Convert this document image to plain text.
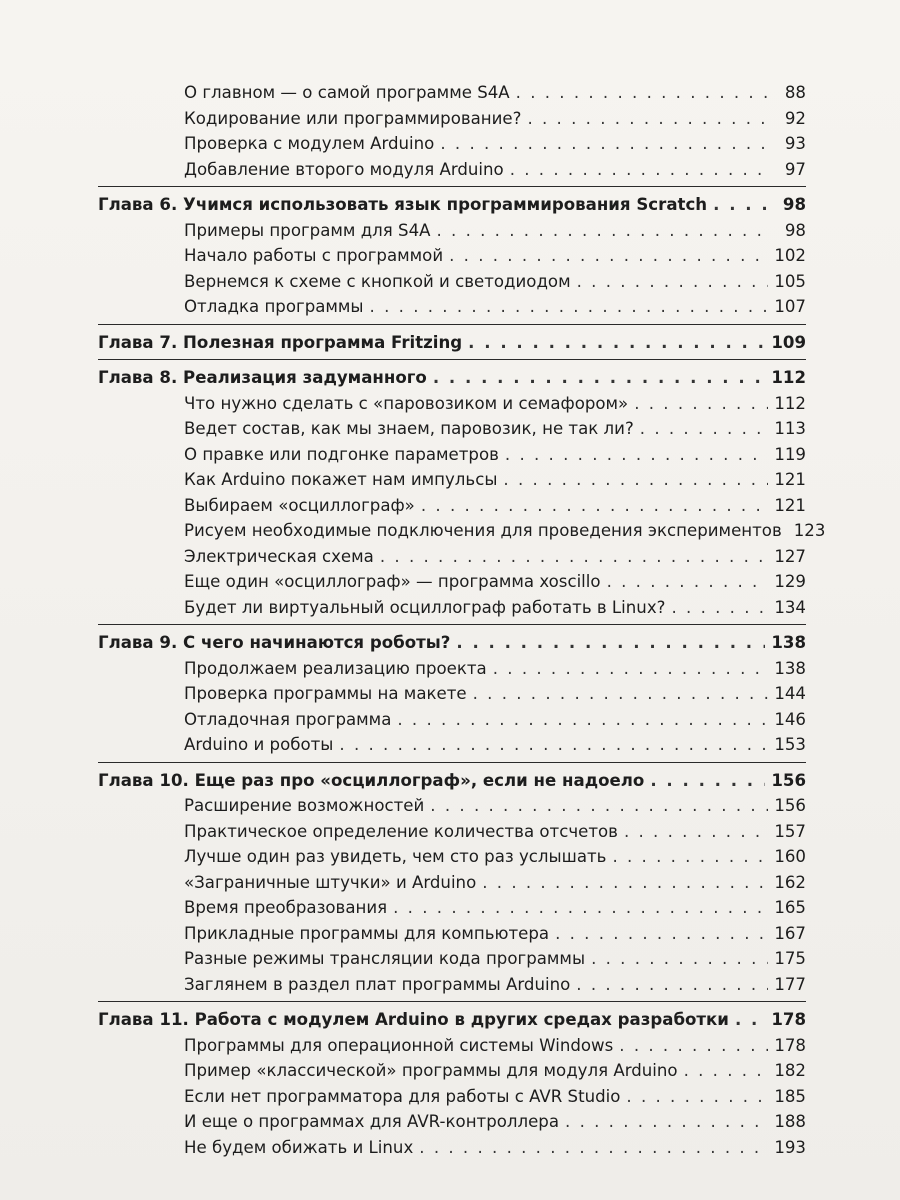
О главном — о самой программе S4A . . .	88
Кодирование или программирование? . . .	92
Проверка с модулем Arduino . . .	93
Добавление второго модуля Arduino . . .	97
Глава 6. Учимся использовать язык программирования Scratch . . .	98
Примеры программ для S4A . . .	98
Начало работы с программой . . .	102
Вернемся к схеме с кнопкой и светодиодом . . .	105
Отладка программы . . .	107
Глава 7. Полезная программа Fritzing . . .	109
Глава 8. Реализация задуманного . . .	112
Что нужно сделать с «паровозиком и семафором» . . .	112
Ведет состав, как мы знаем, паровозик, не так ли? . . .	113
О правке или подгонке параметров . . .	119
Как Arduino покажет нам импульсы . . .	121
Выбираем «осциллограф» . . .	121
Рисуем необходимые подключения для проведения экспериментов 123
Электрическая схема . . .	127
Еще один «осциллограф» — программа xoscillo . . .	129
Будет ли виртуальный осциллограф работать в Linux? . . .	134
Глава 9. С чего начинаются роботы? . . .	138
Продолжаем реализацию проекта . . .	138
Проверка программы на макете . . .	144
Отладочная программа . . .	146
Arduino и роботы . . .	153
Глава 10. Еще раз про «осциллограф», если не надоело . . .	156
Расширение возможностей . . .	156
Практическое определение количества отсчетов . . .	157
Лучше один раз увидеть, чем сто раз услышать . . .	160
«Заграничные штучки» и Arduino . . .	162
Время преобразования . . .	165
Прикладные программы для компьютера . . .	167
Разные режимы трансляции кода программы . . .	175
Заглянем в раздел плат программы Arduino . . .	177
Глава 11. Работа с модулем Arduino в других средах разработки . . .	178
Программы для операционной системы Windows . . .	178
Пример «классической» программы для модуля Arduino . . .	182
Если нет программатора для работы с AVR Studio . . .	185
И еще о программах для AVR-контроллера . . .	188
Не будем обижать и Linux . . .	193
